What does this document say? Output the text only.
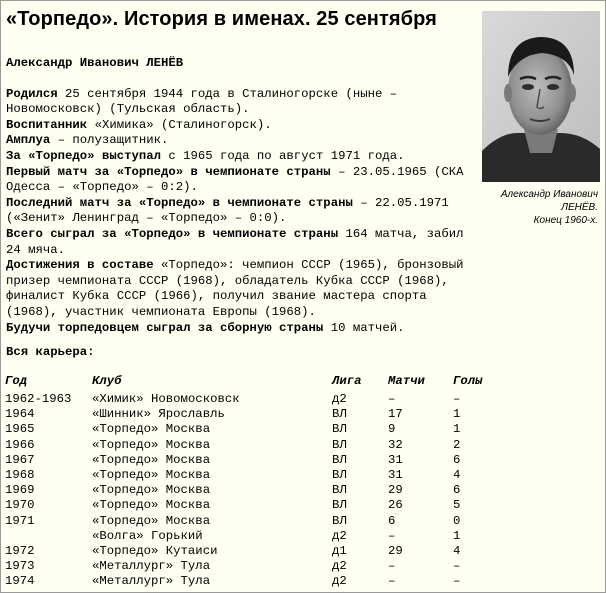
«Торпедо». История в именах. 25 сентября
Александр Иванович
ЛЕНЁВ.
Конец 1960-х.

Александр Иванович ЛЕНЁВ

Родился 25 сентября 1944 года в Сталиногорске (ныне – Новомосковск) (Тульская область).

Воспитанник «Химика» (Сталиногорск).

Амплуа – полузащитник.

За «Торпедо» выступал с 1965 года по август 1971 года.

Первый матч за «Торпедо» в чемпионате страны – 23.05.1965 (СКА Одесса – «Торпедо» – 0:2).

Последний матч за «Торпедо» в чемпионате страны – 22.05.1971 («Зенит» Ленинград – «Торпедо» – 0:0).

Всего сыграл за «Торпедо» в чемпионате страны 164 матча, забил 24 мяча.

Достижения в составе «Торпедо»: чемпион СССР (1965), бронзовый призер чемпионата СССР (1968), обладатель Кубка СССР (1968), финалист Кубка СССР (1966), получил звание мастера спорта (1968), участник чемпионата Европы (1968).

Будучи торпедовцем сыграл за сборную страны 10 матчей.

Вся карьера:
Год	Клуб	Лига	Матчи	Голы
1962-1963	«Химик» Новомосковск	д2	–	–
1964	«Шинник» Ярославль	ВЛ	17	1
1965	«Торпедо» Москва	ВЛ	9	1
1966	«Торпедо» Москва	ВЛ	32	2
1967	«Торпедо» Москва	ВЛ	31	6
1968	«Торпедо» Москва	ВЛ	31	4
1969	«Торпедо» Москва	ВЛ	29	6
1970	«Торпедо» Москва	ВЛ	26	5
1971	«Торпедо» Москва	ВЛ	6	0
	«Волга» Горький	д2	–	1
1972	«Торпедо» Кутаиси	д1	29	4
1973	«Металлург» Тула	д2	–	–
1974	«Металлург» Тула	д2	–	–
